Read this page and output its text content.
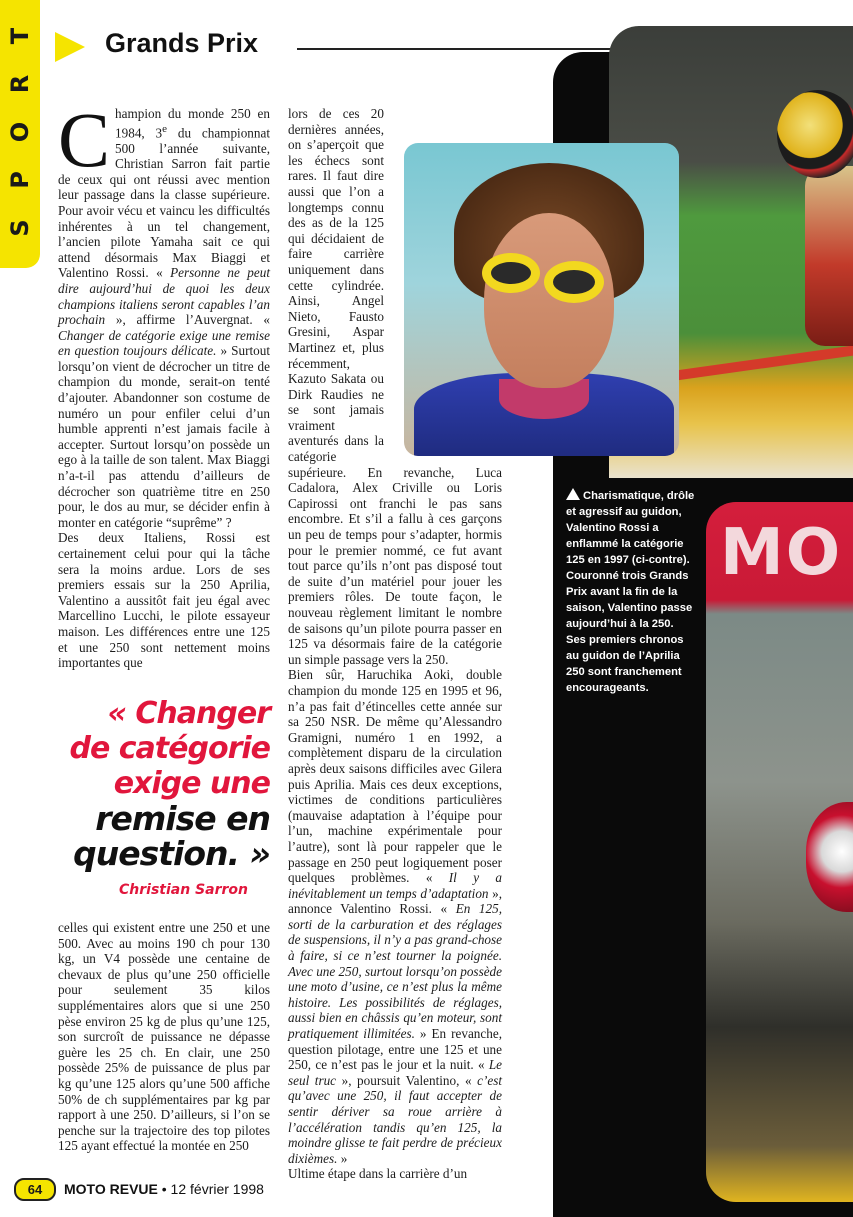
T
R
O
P
S
Grands Prix
MO
Charismatique, drôle et agressif au guidon, Valentino Rossi a enflammé la catégorie 125 en 1997 (ci-contre). Couronné trois Grands Prix avant la fin de la saison, Valentino passe aujourd’hui à la 250. Ses premiers chronos au guidon de l’Aprilia 250 sont franchement encourageants.
C hampion du monde 250 en 1984, 3e du championnat 500 l’année suivante, Christian Sarron fait partie de ceux qui ont réussi avec mention leur passage dans la classe supérieure. Pour avoir vécu et vaincu les difficultés inhérentes à un tel changement, l’ancien pilote Yamaha sait ce qui attend désormais Max Biaggi et Valentino Rossi. « Personne ne peut dire aujourd’hui de quoi les deux champions italiens seront capables l’an prochain », affirme l’Auvergnat. « Changer de catégorie exige une remise en question toujours délicate. » Surtout lorsqu’on vient de décrocher un titre de champion du monde, serait-on tenté d’ajouter. Abandonner son costume de numéro un pour enfiler celui d’un humble apprenti n’est jamais facile à accepter. Surtout lorsqu’on possède un ego à la taille de son talent. Max Biaggi n’a-t-il pas attendu d’ailleurs de décrocher son quatrième titre en 250 pour, le dos au mur, se décider enfin à monter en catégorie “suprême” ?
Des deux Italiens, Rossi est certainement celui pour qui la tâche sera la moins ardue. Lors de ses premiers essais sur la 250 Aprilia, Valentino a aussitôt fait jeu égal avec Marcellino Lucchi, le pilote essayeur maison. Les différences entre une 125 et une 250 sont nettement moins importantes que

« Changer
de catégorie
exige une
remise en
question. »
Christian Sarron

celles qui existent entre une 250 et une 500. Avec au moins 190 ch pour 130 kg, un V4 possède une centaine de chevaux de plus qu’une 250 officielle pour seulement 35 kilos supplémentaires alors que si une 250 pèse environ 25 kg de plus qu’une 125, son surcroît de puissance ne dépasse guère les 25 ch. En clair, une 250 possède 25% de puissance de plus par kg qu’une 125 alors qu’une 500 affiche 50% de ch supplémentaires par kg par rapport à une 250. D’ailleurs, si l’on se penche sur la trajectoire des top pilotes 125 ayant effectué la montée en 250

lors de ces 20 dernières années, on s’aperçoit que les échecs sont rares. Il faut dire aussi que l’on a longtemps connu des as de la 125 qui décidaient de faire carrière uniquement dans cette cylindrée. Ainsi, Angel Nieto, Fausto Gresini, Aspar Martinez et, plus récemment, Kazuto Sakata ou Dirk Raudies ne se sont jamais vraiment aventurés dans la catégorie supérieure. En revanche, Luca Cadalora, Alex Criville ou Loris Capirossi ont franchi le pas sans encombre. Et s’il a fallu à ces garçons un peu de temps pour s’adapter, hormis pour le premier nommé, ce fut avant tout parce qu’ils n’ont pas disposé tout de suite d’un matériel pour jouer les premiers rôles. De toute façon, le nouveau règlement limitant le nombre de saisons qu’un pilote pourra passer en 125 va désormais faire de la catégorie un simple passage vers la 250.
Bien sûr, Haruchika Aoki, double champion du monde 125 en 1995 et 96, n’a pas fait d’étincelles cette année sur sa 250 NSR. De même qu’Alessandro Gramigni, numéro 1 en 1992, a complètement disparu de la circulation après deux saisons difficiles avec Gilera puis Aprilia. Mais ces deux exceptions, victimes de conditions particulières (mauvaise adaptation à l’équipe pour l’un, machine expérimentale pour l’autre), sont là pour rappeler que le passage en 250 peut logiquement poser quelques problèmes. « Il y a inévitablement un temps d’adaptation », annonce Valentino Rossi. « En 125, sorti de la carburation et des réglages de suspensions, il n’y a pas grand-chose à faire, si ce n’est tourner la poignée. Avec une 250, surtout lorsqu’on possède une moto d’usine, ce n’est plus la même histoire. Les possibilités de réglages, aussi bien en châssis qu’en moteur, sont pratiquement illimitées. » En revanche, question pilotage, entre une 125 et une 250, ce n’est pas le jour et la nuit. « Le seul truc », poursuit Valentino, « c’est qu’avec une 250, il faut accepter de sentir dériver sa roue arrière à l’accélération tandis qu’en 125, la moindre glisse te fait perdre de précieux dixièmes. »
Ultime étape dans la carrière d’un

64	MOTO REVUE • 12 février 1998
